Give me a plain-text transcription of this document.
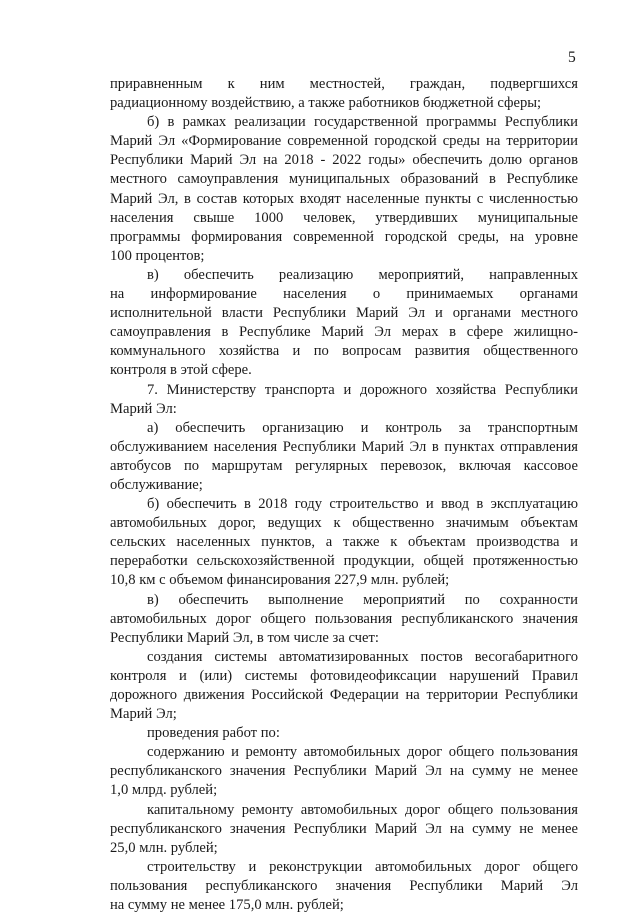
5
приравненным к ним местностей, граждан, подвергшихся
радиационному воздействию, а также работников бюджетной сферы;
б) в рамках реализации государственной программы Республики
Марий Эл «Формирование современной городской среды на территории
Республики Марий Эл на 2018 - 2022 годы» обеспечить долю органов
местного самоуправления муниципальных образований в Республике
Марий Эл, в состав которых входят населенные пункты с численностью
населения свыше 1000 человек, утвердивших муниципальные
программы формирования современной городской среды, на уровне
100 процентов;
в) обеспечить реализацию мероприятий, направленных
на информирование населения о принимаемых органами
исполнительной власти Республики Марий Эл и органами местного
самоуправления в Республике Марий Эл мерах в сфере жилищно-
коммунального хозяйства и по вопросам развития общественного
контроля в этой сфере.
7. Министерству транспорта и дорожного хозяйства Республики
Марий Эл:
а) обеспечить организацию и контроль за транспортным
обслуживанием населения Республики Марий Эл в пунктах отправления
автобусов по маршрутам регулярных перевозок, включая кассовое
обслуживание;
б) обеспечить в 2018 году строительство и ввод в эксплуатацию
автомобильных дорог, ведущих к общественно значимым объектам
сельских населенных пунктов, а также к объектам производства и
переработки сельскохозяйственной продукции, общей протяженностью
10,8 км с объемом финансирования 227,9 млн. рублей;
в) обеспечить выполнение мероприятий по сохранности
автомобильных дорог общего пользования республиканского значения
Республики Марий Эл, в том числе за счет:
создания системы автоматизированных постов весогабаритного
контроля и (или) системы фотовидеофиксации нарушений Правил
дорожного движения Российской Федерации на территории Республики
Марий Эл;
проведения работ по:
содержанию и ремонту автомобильных дорог общего пользования
республиканского значения Республики Марий Эл на сумму не менее
1,0 млрд. рублей;
капитальному ремонту автомобильных дорог общего пользования
республиканского значения Республики Марий Эл на сумму не менее
25,0 млн. рублей;
строительству и реконструкции автомобильных дорог общего
пользования республиканского значения Республики Марий Эл
на сумму не менее 175,0 млн. рублей;
